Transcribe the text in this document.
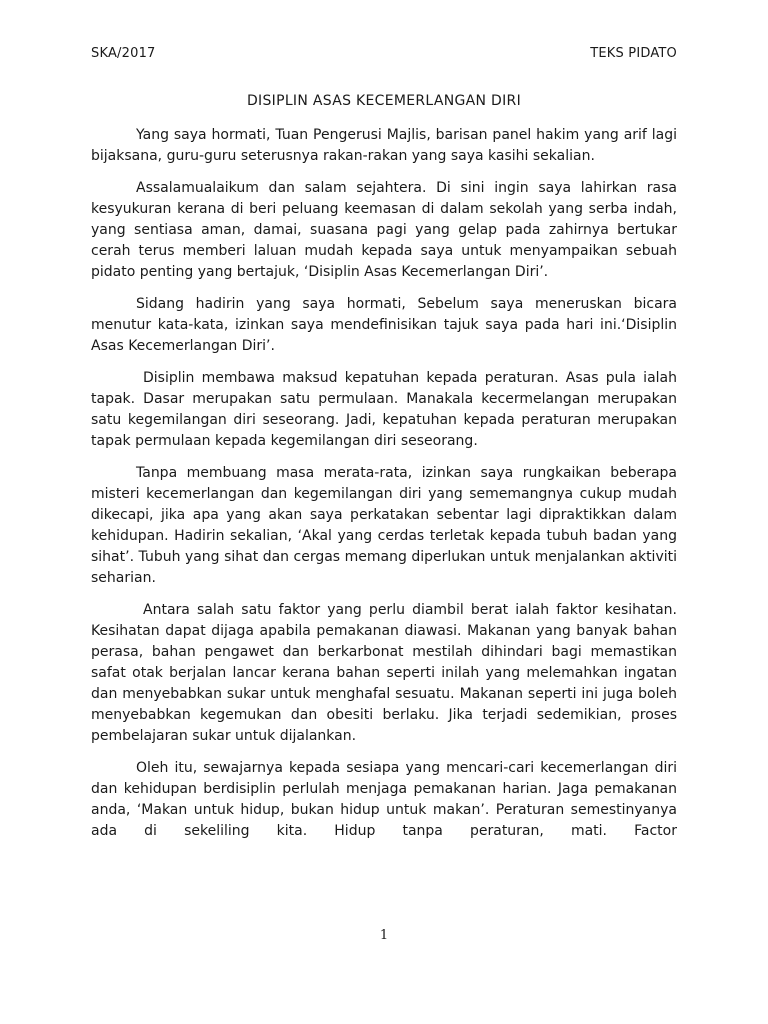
SKA/2017	TEKS PIDATO
DISIPLIN ASAS KECEMERLANGAN DIRI

Yang saya hormati, Tuan Pengerusi Majlis, barisan panel hakim yang arif lagi bijaksana, guru-guru seterusnya rakan-rakan yang saya kasihi sekalian.

Assalamualaikum dan salam sejahtera. Di sini ingin saya lahirkan rasa kesyukuran kerana di beri peluang keemasan di dalam sekolah yang serba indah, yang sentiasa aman, damai, suasana pagi yang gelap pada zahirnya bertukar cerah terus memberi laluan mudah kepada saya untuk menyampaikan sebuah pidato penting yang bertajuk, ‘Disiplin Asas Kecemerlangan Diri’.

Sidang hadirin yang saya hormati, Sebelum saya meneruskan bicara menutur kata-kata, izinkan saya mendefinisikan tajuk saya pada hari ini.‘Disiplin Asas Kecemerlangan Diri’.

Disiplin membawa maksud kepatuhan kepada peraturan. Asas pula ialah tapak. Dasar merupakan satu permulaan. Manakala kecermelangan merupakan satu kegemilangan diri seseorang. Jadi, kepatuhan kepada peraturan merupakan tapak permulaan kepada kegemilangan diri seseorang.

Tanpa membuang masa merata-rata, izinkan saya rungkaikan beberapa misteri kecemerlangan dan kegemilangan diri yang sememangnya cukup mudah dikecapi, jika apa yang akan saya perkatakan sebentar lagi dipraktikkan dalam kehidupan. Hadirin sekalian, ‘Akal yang cerdas terletak kepada tubuh badan yang sihat’. Tubuh yang sihat dan cergas memang diperlukan untuk menjalankan aktiviti seharian.

Antara salah satu faktor yang perlu diambil berat ialah faktor kesihatan. Kesihatan dapat dijaga apabila pemakanan diawasi. Makanan yang banyak bahan perasa, bahan pengawet dan berkarbonat mestilah dihindari bagi memastikan safat otak berjalan lancar kerana bahan seperti inilah yang melemahkan ingatan dan menyebabkan sukar untuk menghafal sesuatu. Makanan seperti ini juga boleh menyebabkan kegemukan dan obesiti berlaku. Jika terjadi sedemikian, proses pembelajaran sukar untuk dijalankan.

Oleh itu, sewajarnya kepada sesiapa yang mencari-cari kecemerlangan diri dan kehidupan berdisiplin perlulah menjaga pemakanan harian. Jaga pemakanan anda, ‘Makan untuk hidup, bukan hidup untuk makan’. Peraturan semestinyanya ada di sekeliling kita. Hidup tanpa peraturan, mati. Factor

1
